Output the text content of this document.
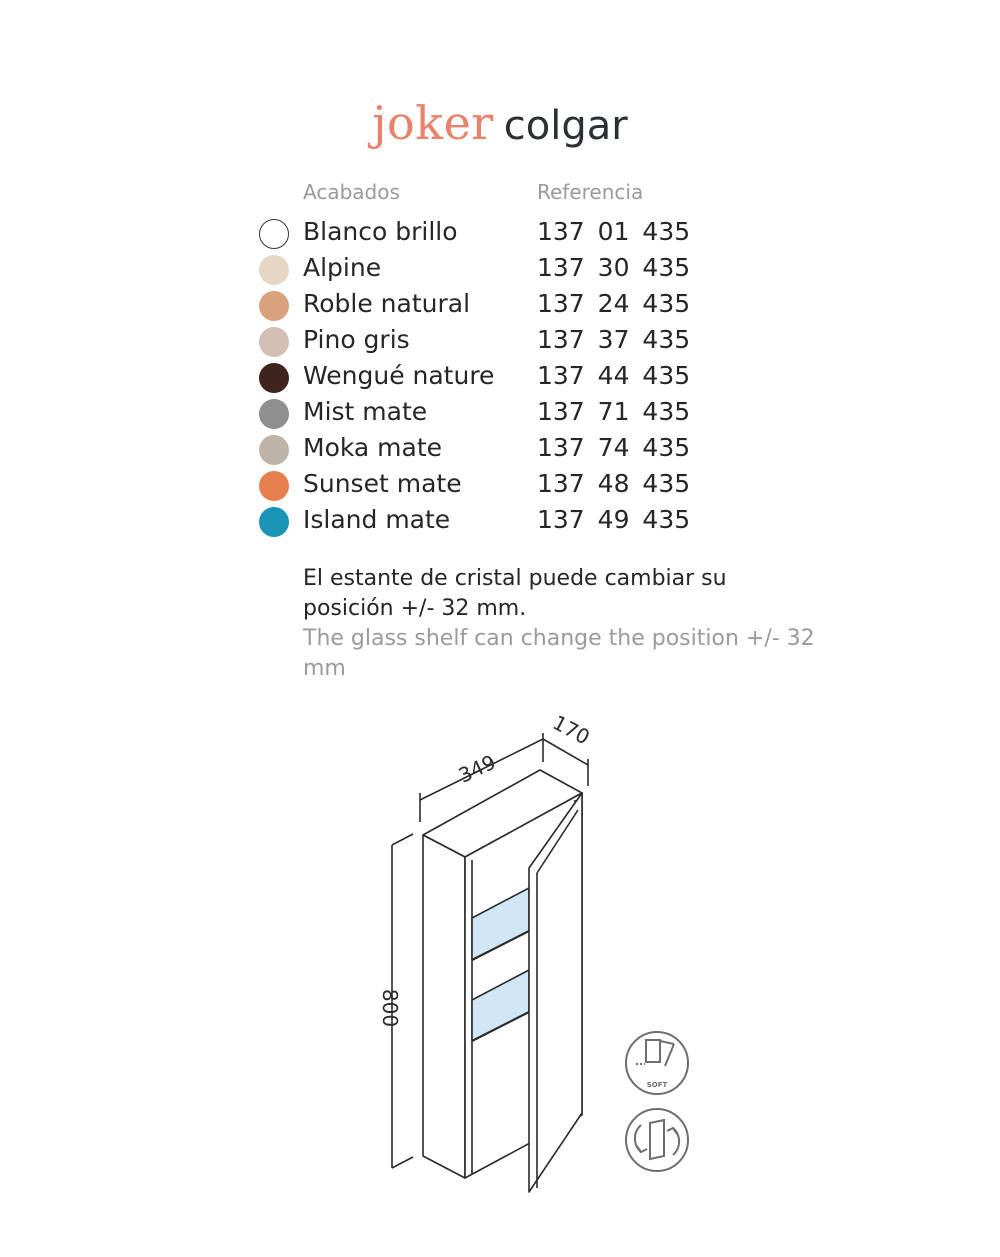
joker colgar
Acabados	Referencia
Blanco brillo	137 01 435
Alpine	137 30 435
Roble natural	137 24 435
Pino gris	137 37 435
Wengué nature 137 44 435
Mist mate	137 71 435
Moka mate	137 74 435
Sunset mate	137 48 435
Island mate	137 49 435
El estante de cristal puede cambiar su posición +/- 32 mm.
The glass shelf can change the position +/- 32 mm
349
170
800
SOFT
